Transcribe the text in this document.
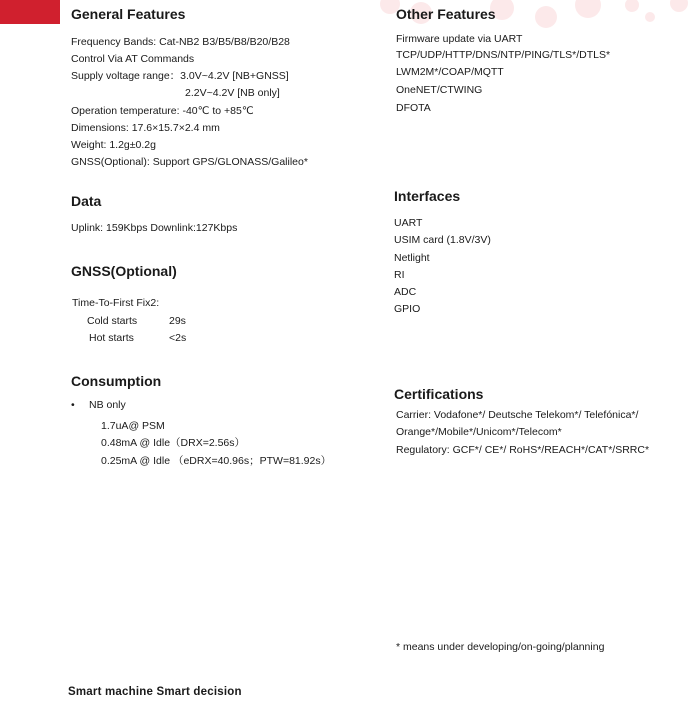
General Features
Frequency Bands: Cat-NB2 B3/B5/B8/B20/B28
Control Via AT Commands
Supply voltage range：3.0V~4.2V [NB+GNSS]
2.2V~4.2V [NB only]
Operation temperature: -40℃ to +85℃
Dimensions: 17.6×15.7×2.4 mm
Weight: 1.2g±0.2g
GNSS(Optional): Support GPS/GLONASS/Galileo*
Data
Uplink: 159Kbps Downlink:127Kbps
GNSS(Optional)
Time-To-First Fix2:
Cold starts	29s
Hot starts	<2s
Consumption
• NB only
1.7uA@ PSM
0.48mA @ Idle（DRX=2.56s）
0.25mA @ Idle （eDRX=40.96s；PTW=81.92s）
Other Features
Firmware update via UART
TCP/UDP/HTTP/DNS/NTP/PING/TLS*/DTLS*
LWM2M*/COAP/MQTT
OneNET/CTWING
DFOTA
Interfaces
UART
USIM card (1.8V/3V)
Netlight
RI
ADC
GPIO
Certifications
Carrier: Vodafone*/ Deutsche Telekom*/ Telefónica*/
Orange*/Mobile*/Unicom*/Telecom*
Regulatory: GCF*/ CE*/ RoHS*/REACH*/CAT*/SRRC*
* means under developing/on-going/planning
Smart machine Smart decision
